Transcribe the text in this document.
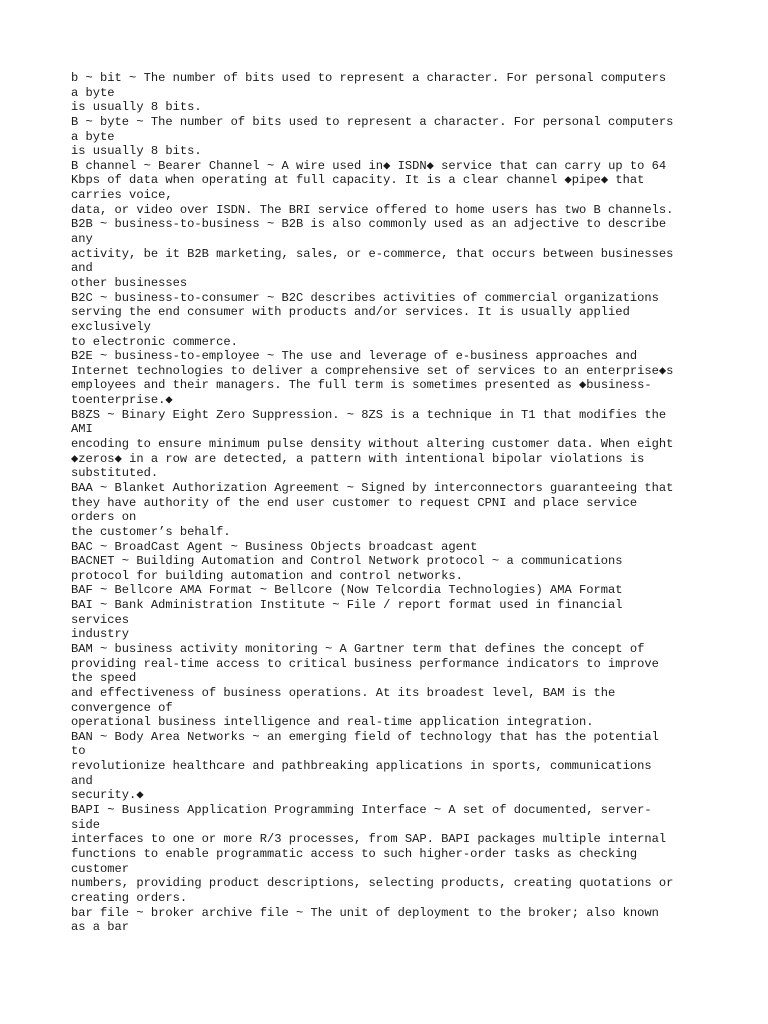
b ~ bit ~ The number of bits used to represent a character. For personal computers
a byte
is usually 8 bits.
B ~ byte ~ The number of bits used to represent a character. For personal computers
a byte
is usually 8 bits.
B channel ~ Bearer Channel ~ A wire used in◆ ISDN◆ service that can carry up to 64
Kbps of data when operating at full capacity. It is a clear channel ◆pipe◆ that
carries voice,
data, or video over ISDN. The BRI service offered to home users has two B channels.
B2B ~ business-to-business ~ B2B is also commonly used as an adjective to describe
any
activity, be it B2B marketing, sales, or e-commerce, that occurs between businesses
and
other businesses
B2C ~ business-to-consumer ~ B2C describes activities of commercial organizations
serving the end consumer with products and/or services. It is usually applied
exclusively
to electronic commerce.
B2E ~ business-to-employee ~ The use and leverage of e-business approaches and
Internet technologies to deliver a comprehensive set of services to an enterprise◆s
employees and their managers. The full term is sometimes presented as ◆business-
toenterprise.◆
B8ZS ~ Binary Eight Zero Suppression. ~ 8ZS is a technique in T1 that modifies the
AMI
encoding to ensure minimum pulse density without altering customer data. When eight
◆zeros◆ in a row are detected, a pattern with intentional bipolar violations is
substituted.
BAA ~ Blanket Authorization Agreement ~ Signed by interconnectors guaranteeing that
they have authority of the end user customer to request CPNI and place service
orders on
the customer’s behalf.
BAC ~ BroadCast Agent ~ Business Objects broadcast agent
BACNET ~ Building Automation and Control Network protocol ~ a communications
protocol for building automation and control networks.
BAF ~ Bellcore AMA Format ~ Bellcore (Now Telcordia Technologies) AMA Format
BAI ~ Bank Administration Institute ~ File / report format used in financial
services
industry
BAM ~ business activity monitoring ~ A Gartner term that defines the concept of
providing real-time access to critical business performance indicators to improve
the speed
and effectiveness of business operations. At its broadest level, BAM is the
convergence of
operational business intelligence and real-time application integration.
BAN ~ Body Area Networks ~ an emerging field of technology that has the potential
to
revolutionize healthcare and pathbreaking applications in sports, communications
and
security.◆
BAPI ~ Business Application Programming Interface ~ A set of documented, server-
side
interfaces to one or more R/3 processes, from SAP. BAPI packages multiple internal
functions to enable programmatic access to such higher-order tasks as checking
customer
numbers, providing product descriptions, selecting products, creating quotations or
creating orders.
bar file ~ broker archive file ~ The unit of deployment to the broker; also known
as a bar
